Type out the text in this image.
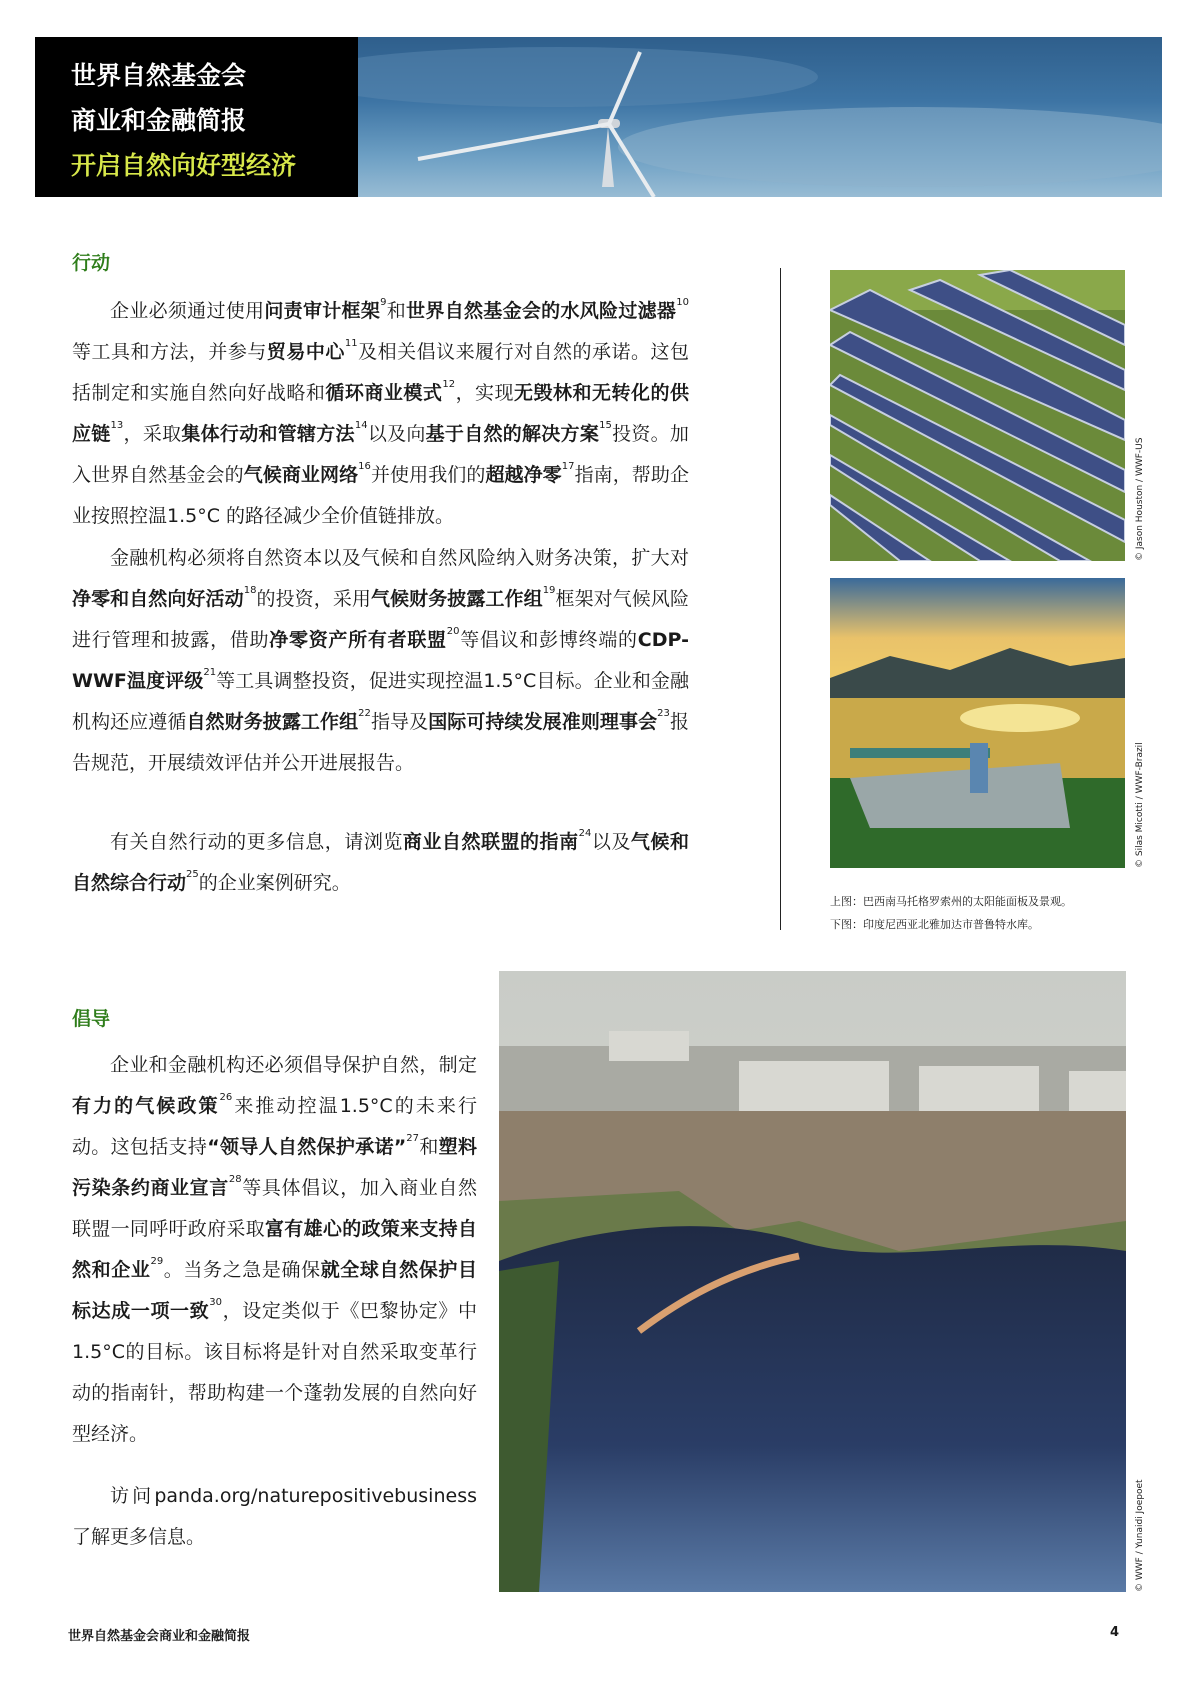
世界自然基金会
商业和金融简报
开启自然向好型经济
行动

企业必须通过使用问责审计框架$^9$和世界自然基金会的水风险过滤器$^{10}$等工具和方法，并参与贸易中心$^{11}$及相关倡议来履行对自然的承诺。这包括制定和实施自然向好战略和循环商业模式$^{12}$，实现无毁林和无转化的供应链$^{13}$，采取集体行动和管辖方法$^{14}$以及向基于自然的解决方案$^{15}$投资。加入世界自然基金会的气候商业网络$^{16}$并使用我们的超越净零$^{17}$指南，帮助企业按照控温1.5°C 的路径减少全价值链排放。

金融机构必须将自然资本以及气候和自然风险纳入财务决策，扩大对净零和自然向好活动$^{18}$的投资，采用气候财务披露工作组$^{19}$框架对气候风险进行管理和披露，借助净零资产所有者联盟$^{20}$等倡议和彭博终端的CDP-WWF温度评级$^{21}$等工具调整投资，促进实现控温1.5°C目标。企业和金融机构还应遵循自然财务披露工作组$^{22}$指导及国际可持续发展准则理事会$^{23}$报告规范，开展绩效评估并公开进展报告。

有关自然行动的更多信息，请浏览商业自然联盟的指南$^{24}$以及气候和自然综合行动$^{25}$的企业案例研究。

© Jason Houston / WWF-US
© Silas Micotti / WWF-Brazil

上图：巴西南马托格罗索州的太阳能面板及景观。

下图：印度尼西亚北雅加达市普鲁特水库。

倡导

企业和金融机构还必须倡导保护自然，制定有力的气候政策$^{26}$来推动控温1.5°C的未来行动。这包括支持“领导人自然保护承诺”$^{27}$和塑料污染条约商业宣言$^{28}$等具体倡议，加入商业自然联盟一同呼吁政府采取富有雄心的政策来支持自然和企业$^{29}$。当务之急是确保就全球自然保护目标达成一项一致$^{30}$，设定类似于《巴黎协定》中1.5°C的目标。该目标将是针对自然采取变革行动的指南针，帮助构建一个蓬勃发展的自然向好型经济。

访问panda.org/naturepositivebusiness了解更多信息。	© WWF / Yunaidi Joepoet
世界自然基金会商业和金融简报	4
